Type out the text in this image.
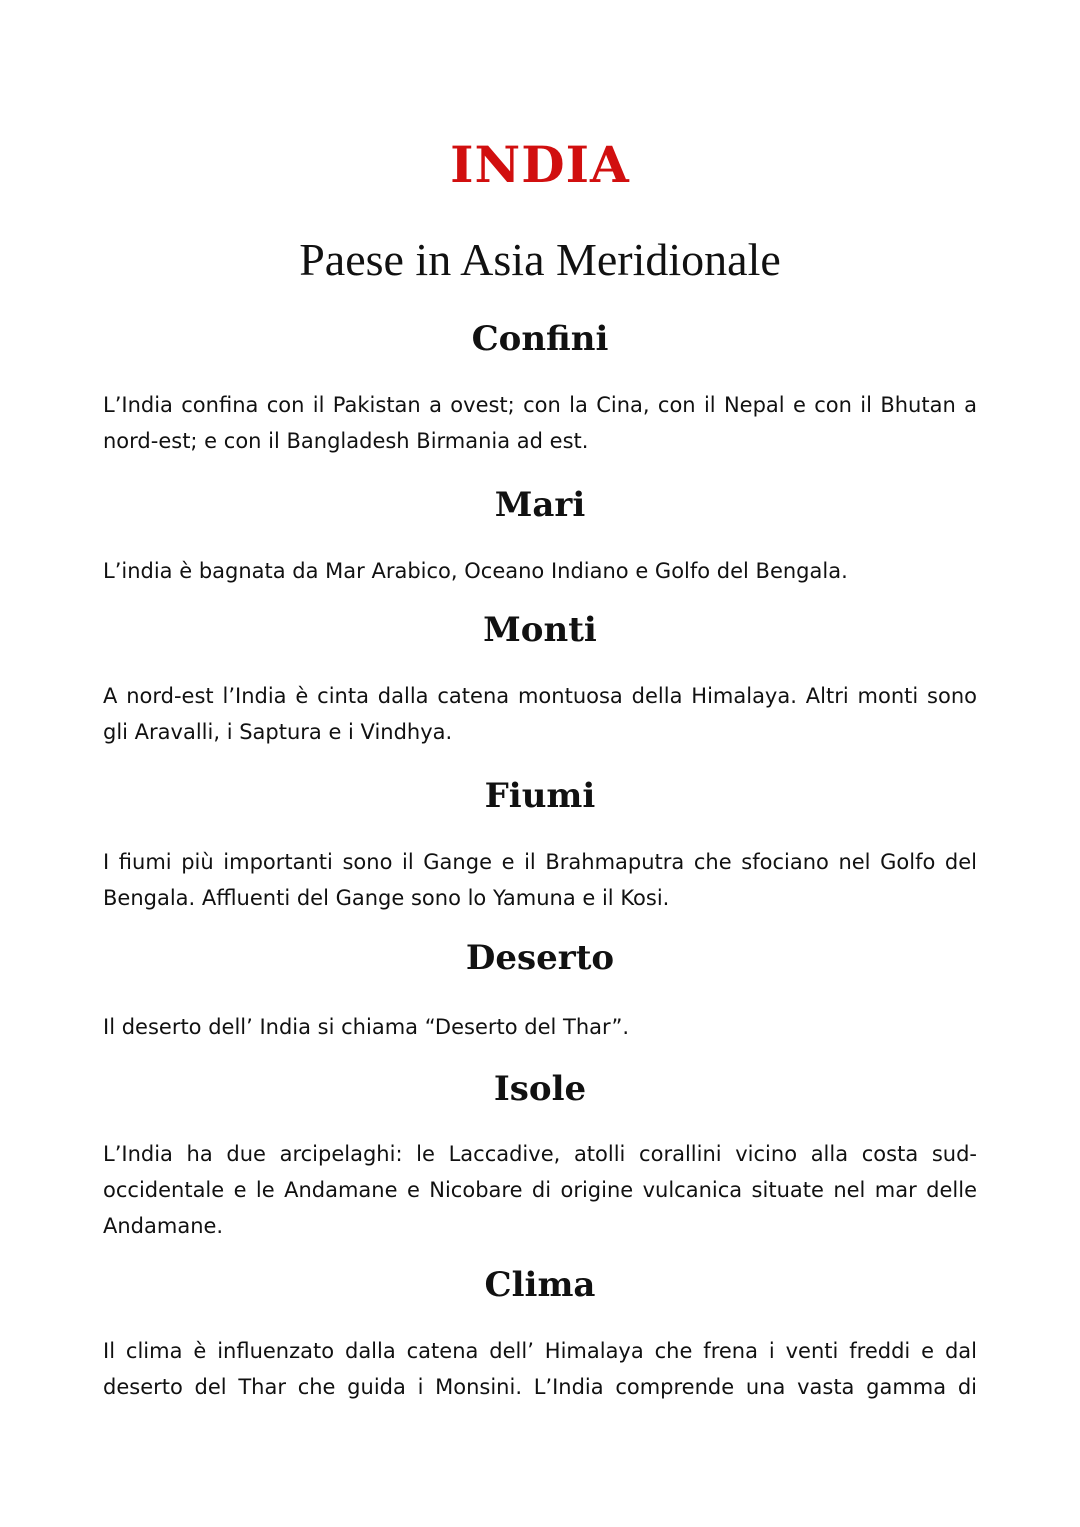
INDIA
Paese in Asia Meridionale
Confini
L’India confina con il Pakistan a ovest; con la Cina, con il Nepal e con il Bhutan a nord-est; e con il Bangladesh Birmania ad est.
Mari
L’india è bagnata da Mar Arabico, Oceano Indiano e Golfo del Bengala.
Monti
A nord-est l’India è cinta dalla catena montuosa della Himalaya. Altri monti sono gli Aravalli, i Saptura e i Vindhya.
Fiumi
I fiumi più importanti sono il Gange e il Brahmaputra che sfociano nel Golfo del Bengala. Affluenti del Gange sono lo Yamuna e il Kosi.
Deserto
Il deserto dell’ India si chiama “Deserto del Thar”.
Isole
L’India ha due arcipelaghi: le Laccadive, atolli corallini vicino alla costa sud-occidentale e le Andamane e Nicobare di origine vulcanica situate nel mar delle Andamane.
Clima
Il clima è influenzato dalla catena dell’ Himalaya che frena i venti freddi e dal deserto del Thar che guida i Monsini. L’India comprende una vasta gamma di
